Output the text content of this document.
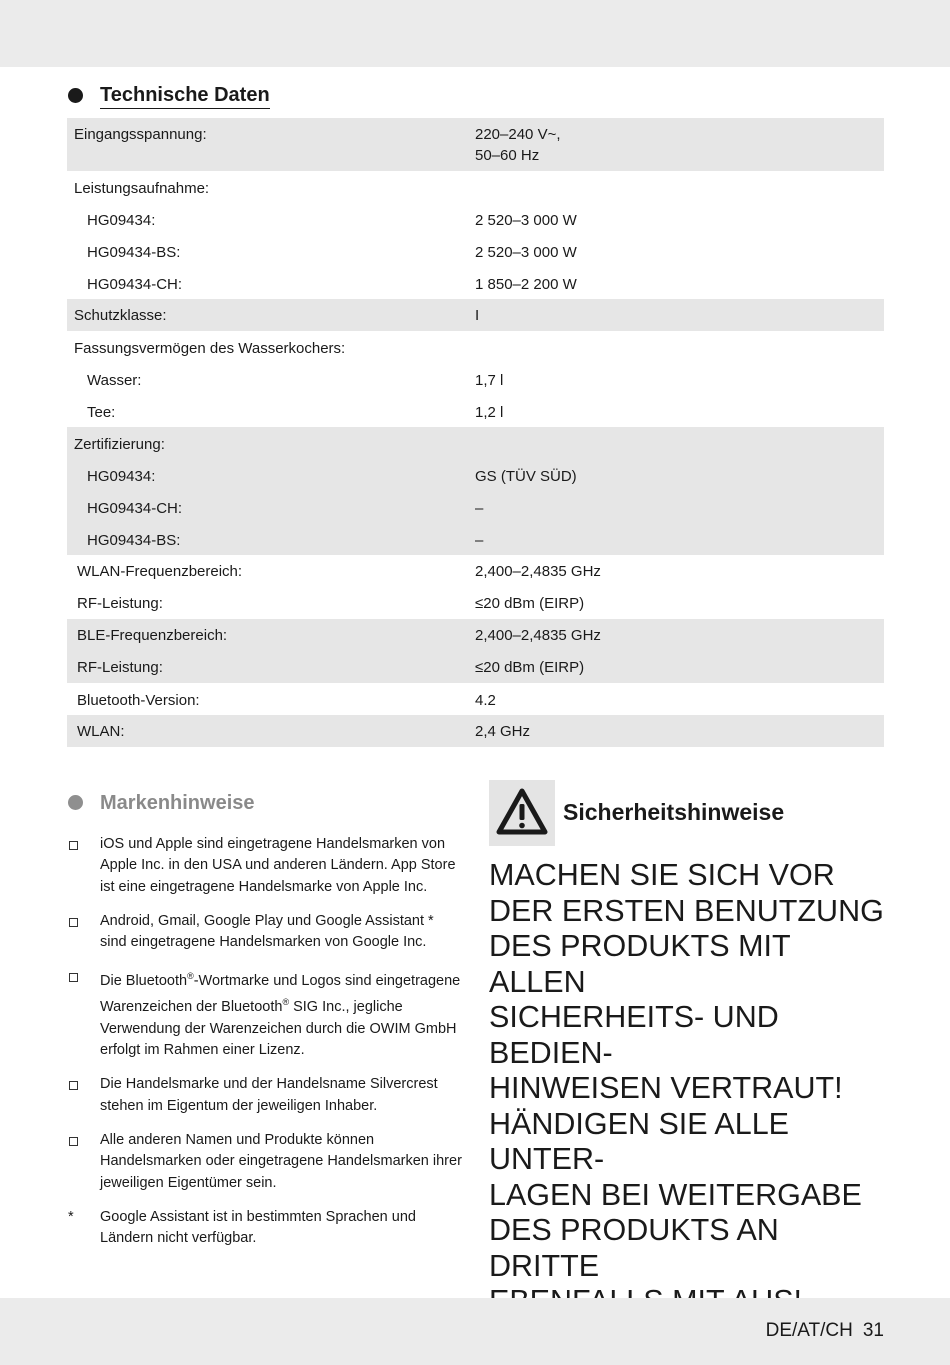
Technische Daten
Eingangsspannung:	220–240 V~,
50–60 Hz
Leistungsaufnahme:
HG09434:	2 520–3 000 W
HG09434-BS:	2 520–3 000 W
HG09434-CH:	1 850–2 200 W
Schutzklasse:	I
Fassungsvermögen des Wasserkochers:
Wasser:	1,7 l
Tee:	1,2 l
Zertifizierung:
HG09434:	GS (TÜV SÜD)
HG09434-CH:	–
HG09434-BS:	–
WLAN-Frequenzbereich:	2,400–2,4835 GHz
RF-Leistung:	≤20 dBm (EIRP)
BLE-Frequenzbereich:	2,400–2,4835 GHz
RF-Leistung:	≤20 dBm (EIRP)
Bluetooth-Version:	4.2
WLAN:	2,4 GHz
Markenhinweise
iOS und Apple sind eingetragene Handelsmarken von Apple Inc. in den USA und anderen Ländern. App Store ist eine eingetragene Handelsmarke von Apple Inc.
Android, Gmail, Google Play und Google Assistant * sind eingetragene Handelsmarken von Google Inc.
Die Bluetooth®-Wortmarke und Logos sind eingetragene Warenzeichen der Bluetooth® SIG Inc., jegliche Verwendung der Warenzeichen durch die OWIM GmbH erfolgt im Rahmen einer Lizenz.
Die Handelsmarke und der Handelsname Silvercrest stehen im Eigentum der jeweiligen Inhaber.
Alle anderen Namen und Produkte können Handelsmarken oder eingetragene Handelsmarken ihrer jeweiligen Eigentümer sein.
* Google Assistant ist in bestimmten Sprachen und Ländern nicht verfügbar.
Sicherheitshinweise
MACHEN SIE SICH VOR
DER ERSTEN BENUTZUNG
DES PRODUKTS MIT ALLEN
SICHERHEITS- UND BEDIEN-
HINWEISEN VERTRAUT!
HÄNDIGEN SIE ALLE UNTER-
LAGEN BEI WEITERGABE
DES PRODUKTS AN DRITTE

DE/AT/CH 31
